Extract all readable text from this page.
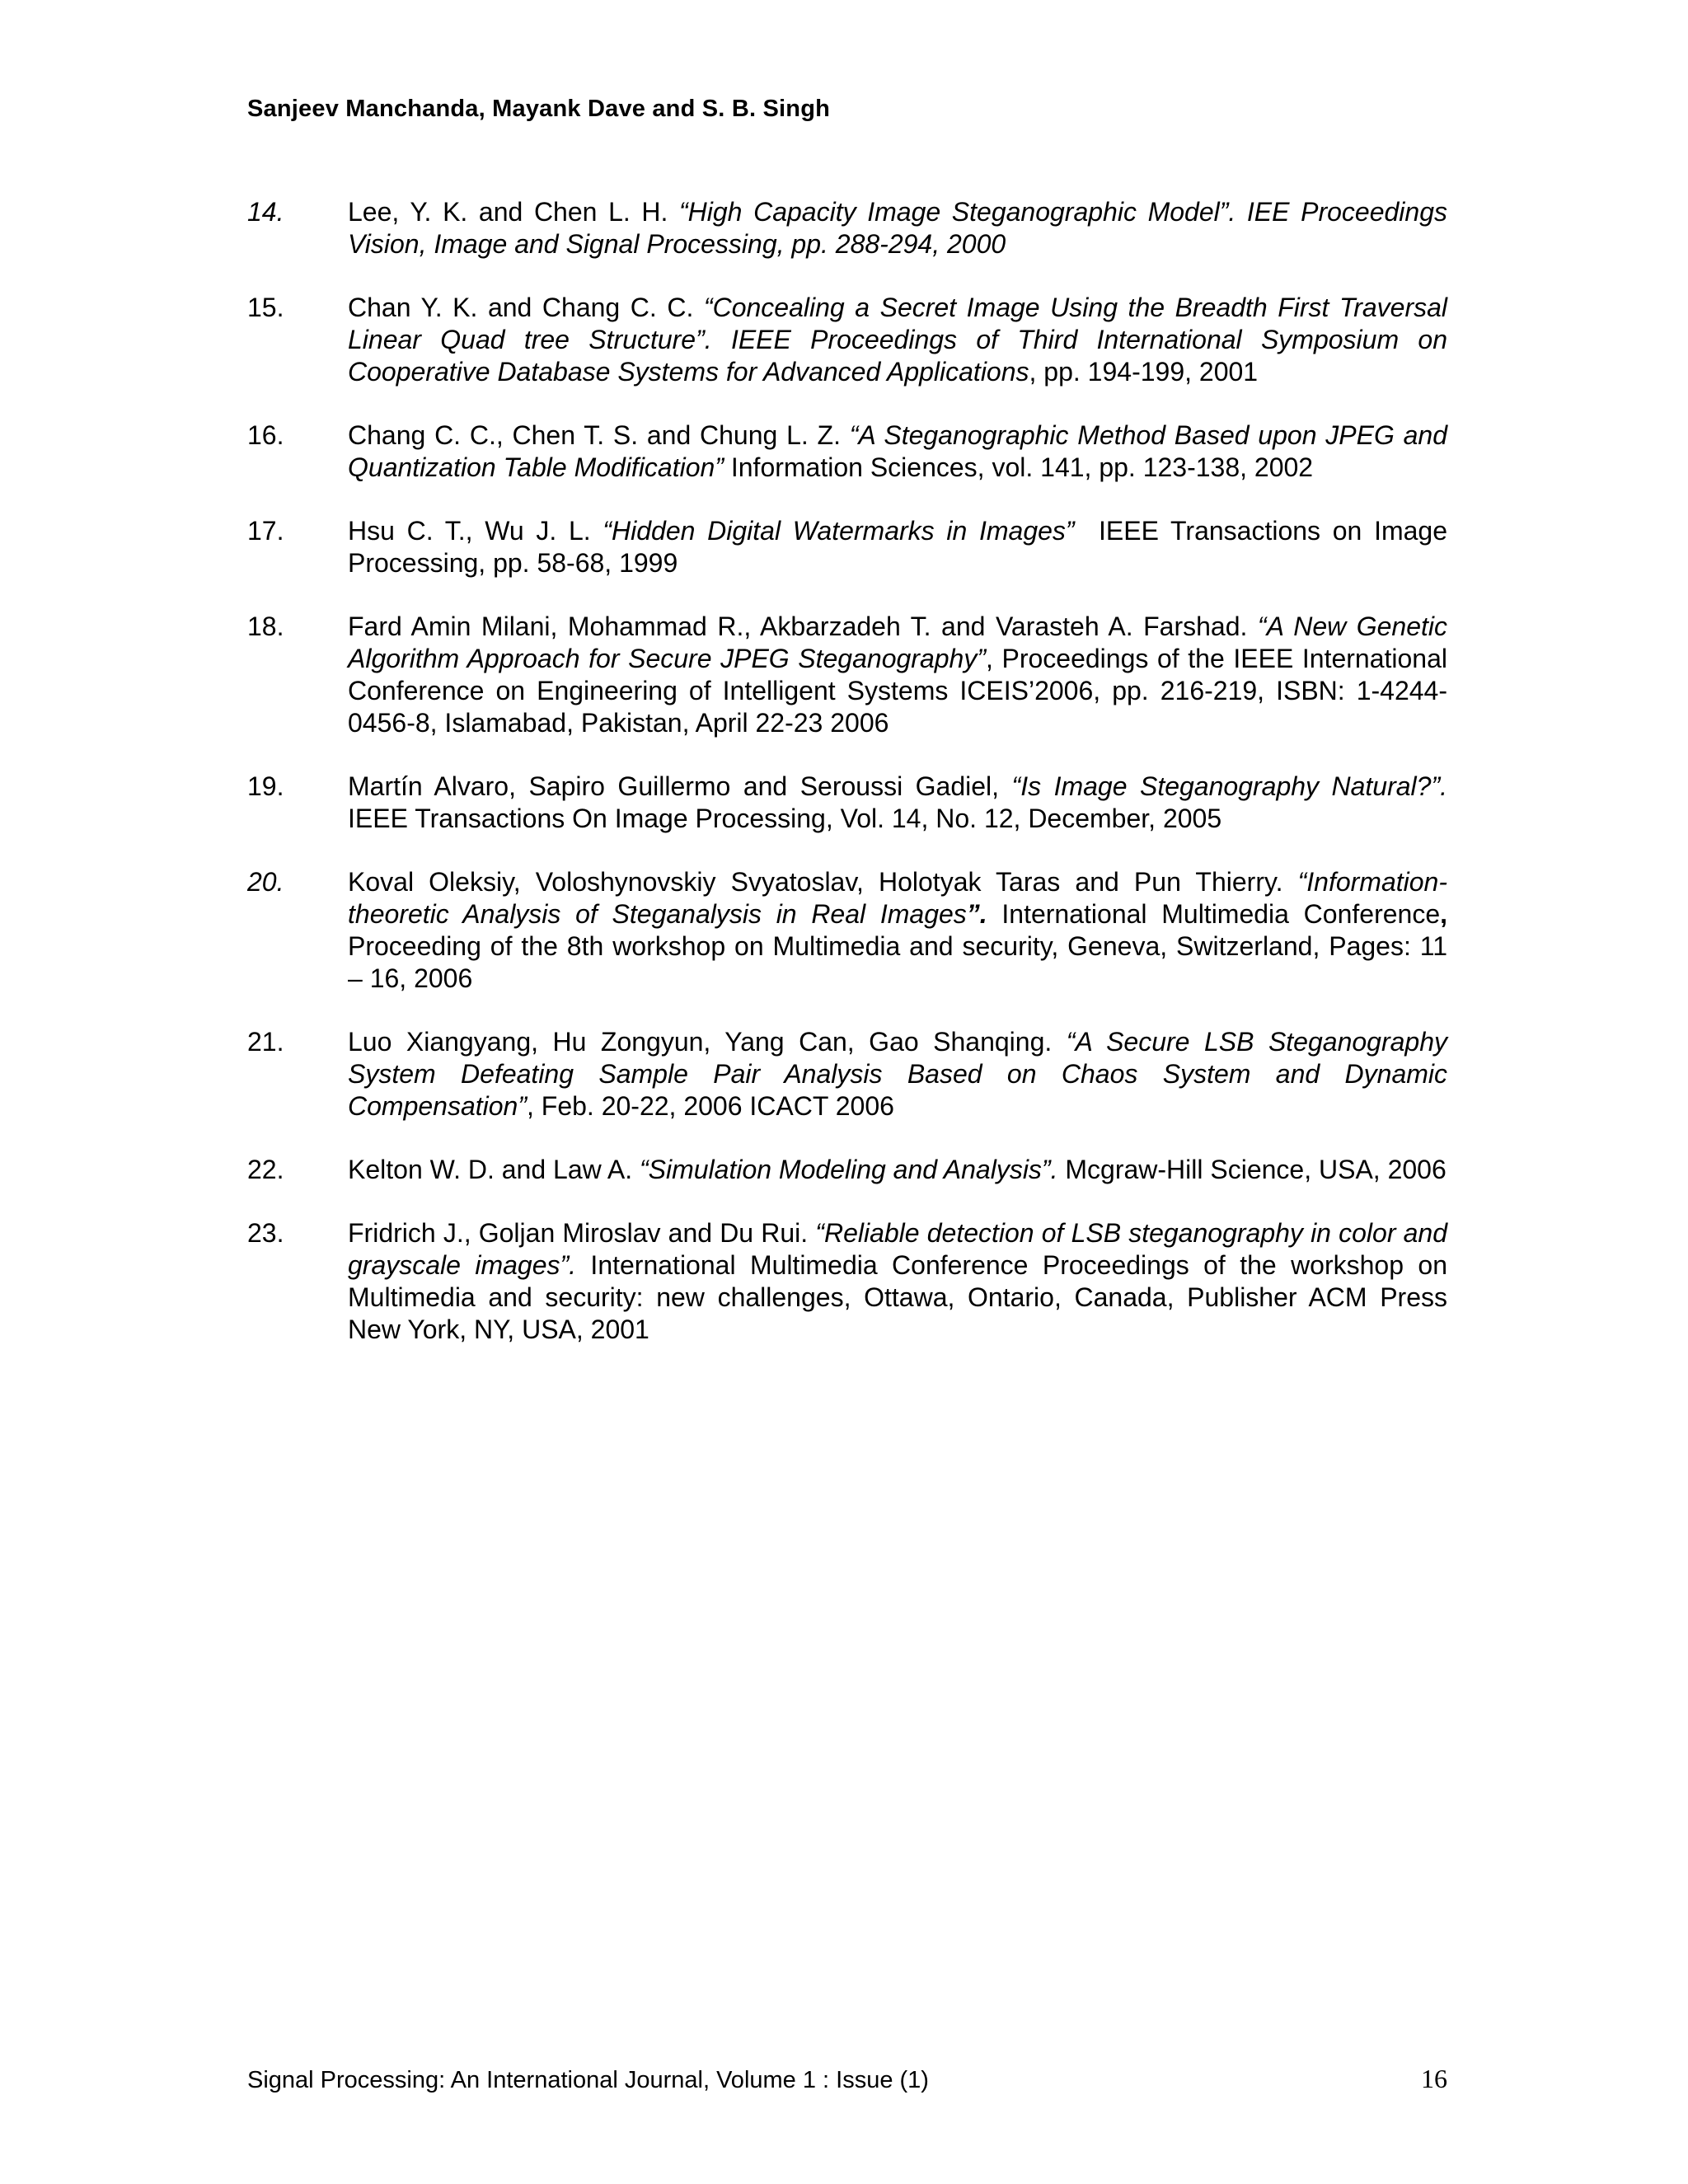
Sanjeev Manchanda, Mayank Dave and S. B. Singh
14.	Lee, Y. K. and Chen L. H. “High Capacity Image Steganographic Model”. IEE Proceedings Vision, Image and Signal Processing, pp. 288-294, 2000
15.	Chan Y. K. and Chang C. C. “Concealing a Secret Image Using the Breadth First Traversal Linear Quad tree Structure”. IEEE Proceedings of Third International Symposium on Cooperative Database Systems for Advanced Applications, pp. 194-199, 2001
16.	Chang C. C., Chen T. S. and Chung L. Z. “A Steganographic Method Based upon JPEG and Quantization Table Modification” Information Sciences, vol. 141, pp. 123-138, 2002
17.	Hsu C. T., Wu J. L. “Hidden Digital Watermarks in Images”  IEEE Transactions on Image Processing, pp. 58-68, 1999
18.	Fard Amin Milani, Mohammad R., Akbarzadeh T. and Varasteh A. Farshad. “A New Genetic Algorithm Approach for Secure JPEG Steganography”, Proceedings of the IEEE International Conference on Engineering of Intelligent Systems ICEIS’2006, pp. 216-219, ISBN: 1-4244-0456-8, Islamabad, Pakistan, April 22-23 2006
19.	Martín Alvaro, Sapiro Guillermo and Seroussi Gadiel, “Is Image Steganography Natural?”. IEEE Transactions On Image Processing, Vol. 14, No. 12, December, 2005
20.	Koval Oleksiy, Voloshynovskiy Svyatoslav, Holotyak Taras and Pun Thierry. “Information-theoretic Analysis of Steganalysis in Real Images”. International Multimedia Conference, Proceeding of the 8th workshop on Multimedia and security, Geneva, Switzerland, Pages: 11 – 16, 2006
21.	Luo Xiangyang, Hu Zongyun, Yang Can, Gao Shanqing. “A Secure LSB Steganography System Defeating Sample Pair Analysis Based on Chaos System and Dynamic Compensation”, Feb. 20-22, 2006 ICACT 2006
22.	Kelton W. D. and Law A. “Simulation Modeling and Analysis”. Mcgraw-Hill Science, USA, 2006
23.	Fridrich J., Goljan Miroslav and Du Rui. “Reliable detection of LSB steganography in color and grayscale images”. International Multimedia Conference Proceedings of the workshop on Multimedia and security: new challenges, Ottawa, Ontario, Canada, Publisher ACM Press New York, NY, USA, 2001
Signal Processing: An International Journal, Volume 1 : Issue (1)	16
